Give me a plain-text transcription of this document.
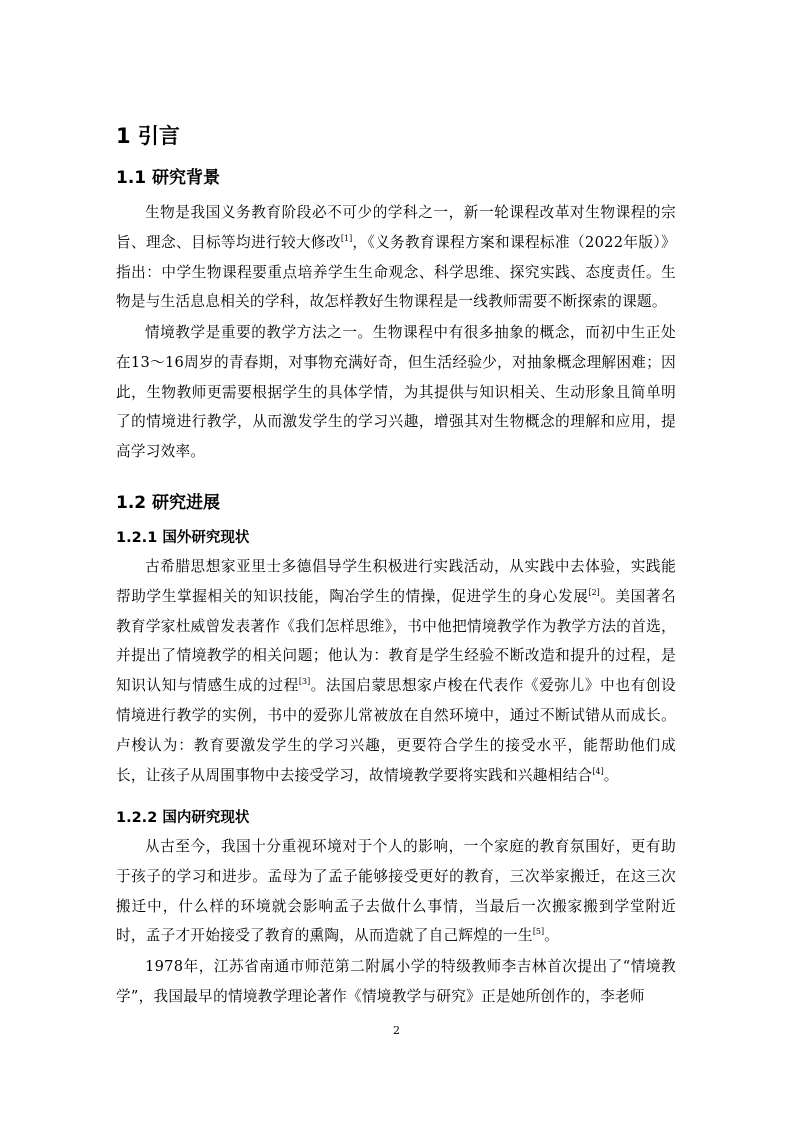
1 引言
1.1 研究背景
生物是我国义务教育阶段必不可少的学科之一，新一轮课程改革对生物课程的宗旨、理念、目标等均进行较大修改[1]，《义务教育课程方案和课程标准（2022年版）》指出：中学生物课程要重点培养学生生命观念、科学思维、探究实践、态度责任。生物是与生活息息相关的学科，故怎样教好生物课程是一线教师需要不断探索的课题。
情境教学是重要的教学方法之一。生物课程中有很多抽象的概念，而初中生正处在13～16周岁的青春期，对事物充满好奇，但生活经验少，对抽象概念理解困难；因此，生物教师更需要根据学生的具体学情，为其提供与知识相关、生动形象且简单明了的情境进行教学，从而激发学生的学习兴趣，增强其对生物概念的理解和应用，提高学习效率。
1.2 研究进展
1.2.1 国外研究现状
古希腊思想家亚里士多德倡导学生积极进行实践活动，从实践中去体验，实践能帮助学生掌握相关的知识技能，陶冶学生的情操，促进学生的身心发展[2]。美国著名教育学家杜威曾发表著作《我们怎样思维》，书中他把情境教学作为教学方法的首选，并提出了情境教学的相关问题；他认为：教育是学生经验不断改造和提升的过程，是知识认知与情感生成的过程[3]。法国启蒙思想家卢梭在代表作《爱弥儿》中也有创设情境进行教学的实例，书中的爱弥儿常被放在自然环境中，通过不断试错从而成长。卢梭认为：教育要激发学生的学习兴趣，更要符合学生的接受水平，能帮助他们成长，让孩子从周围事物中去接受学习，故情境教学要将实践和兴趣相结合[4]。
1.2.2 国内研究现状
从古至今，我国十分重视环境对于个人的影响，一个家庭的教育氛围好，更有助于孩子的学习和进步。孟母为了孟子能够接受更好的教育，三次举家搬迁，在这三次搬迁中，什么样的环境就会影响孟子去做什么事情，当最后一次搬家搬到学堂附近时，孟子才开始接受了教育的熏陶，从而造就了自己辉煌的一生[5]。
1978年，江苏省南通市师范第二附属小学的特级教师李吉林首次提出了“情境教学”，我国最早的情境教学理论著作《情境教学与研究》正是她所创作的，李老师
2
